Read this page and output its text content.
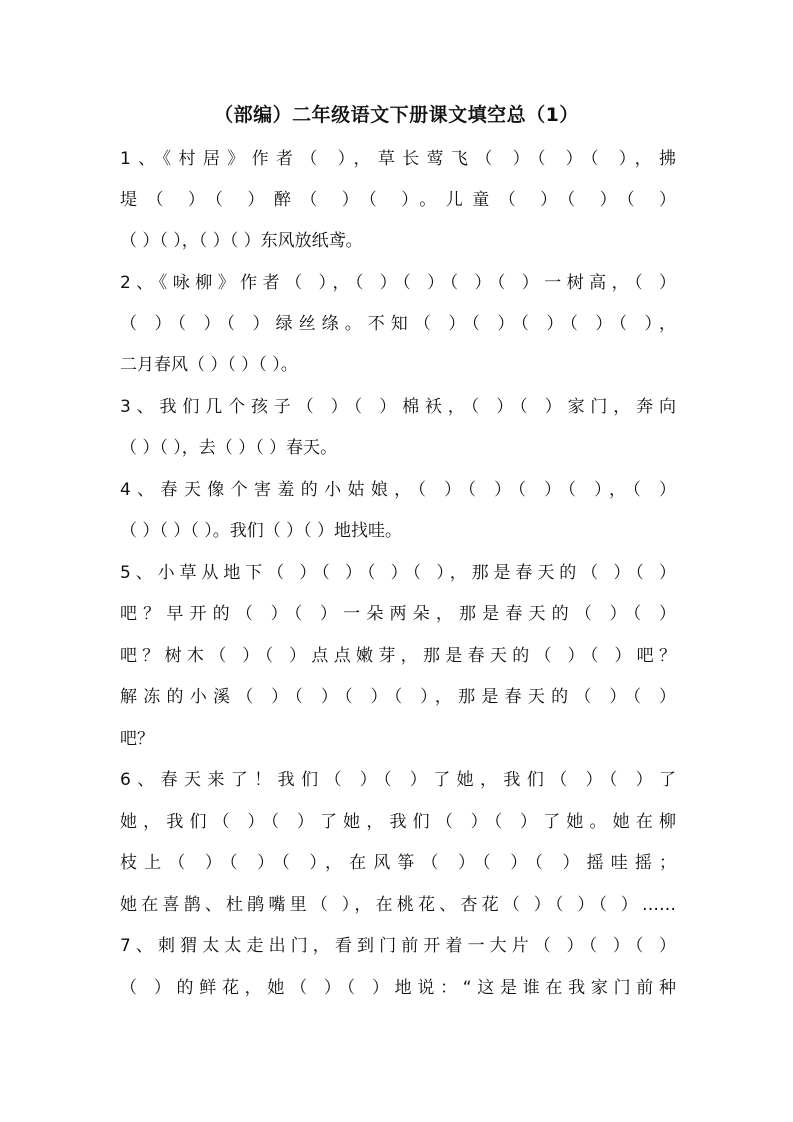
（部编）二年级语文下册课文填空总（1）
1、《村居》作者（ ），草长莺飞（ ）（ ）（ ），拂
堤（ ）（ ）醉（ ）（ ）。儿童（ ）（ ）（ ）
（ ）（ ），（ ）（ ）东风放纸鸢。
2、《咏柳》作者（ ），（ ）（ ）（ ）（ ）一树高，（ ）
（ ）（ ）（ ）绿丝绦。不知（ ）（ ）（ ）（ ）（ ），
二月春风（ ）（ ）（ ）。
3、我们几个孩子（ ）（ ）棉袄，（ ）（ ）家门，奔向
（ ）（ ），去（ ）（ ）春天。
4、春天像个害羞的小姑娘，（ ）（ ）（ ）（ ），（ ）
（ ）（ ）（ ）。我们（ ）（ ）地找哇。
5、小草从地下（ ）（ ）（ ）（ ），那是春天的（ ）（ ）
吧？早开的（ ）（ ）一朵两朵，那是春天的（ ）（ ）
吧？树木（ ）（ ）点点嫩芽，那是春天的（ ）（ ）吧？
解冻的小溪（ ）（ ）（ ）（ ），那是春天的（ ）（ ）
吧？
6、春天来了！我们（ ）（ ）了她，我们（ ）（ ）了
她，我们（ ）（ ）了她，我们（ ）（ ）了她。她在柳
枝上（ ）（ ）（ ），在风筝（ ）（ ）（ ）摇哇摇；
她在喜鹊、杜鹃嘴里（ ），在桃花、杏花（ ）（ ）（ ）……
7、刺猬太太走出门，看到门前开着一大片（ ）（ ）（ ）
（ ）的鲜花，她（ ）（ ）地说：“这是谁在我家门前种
